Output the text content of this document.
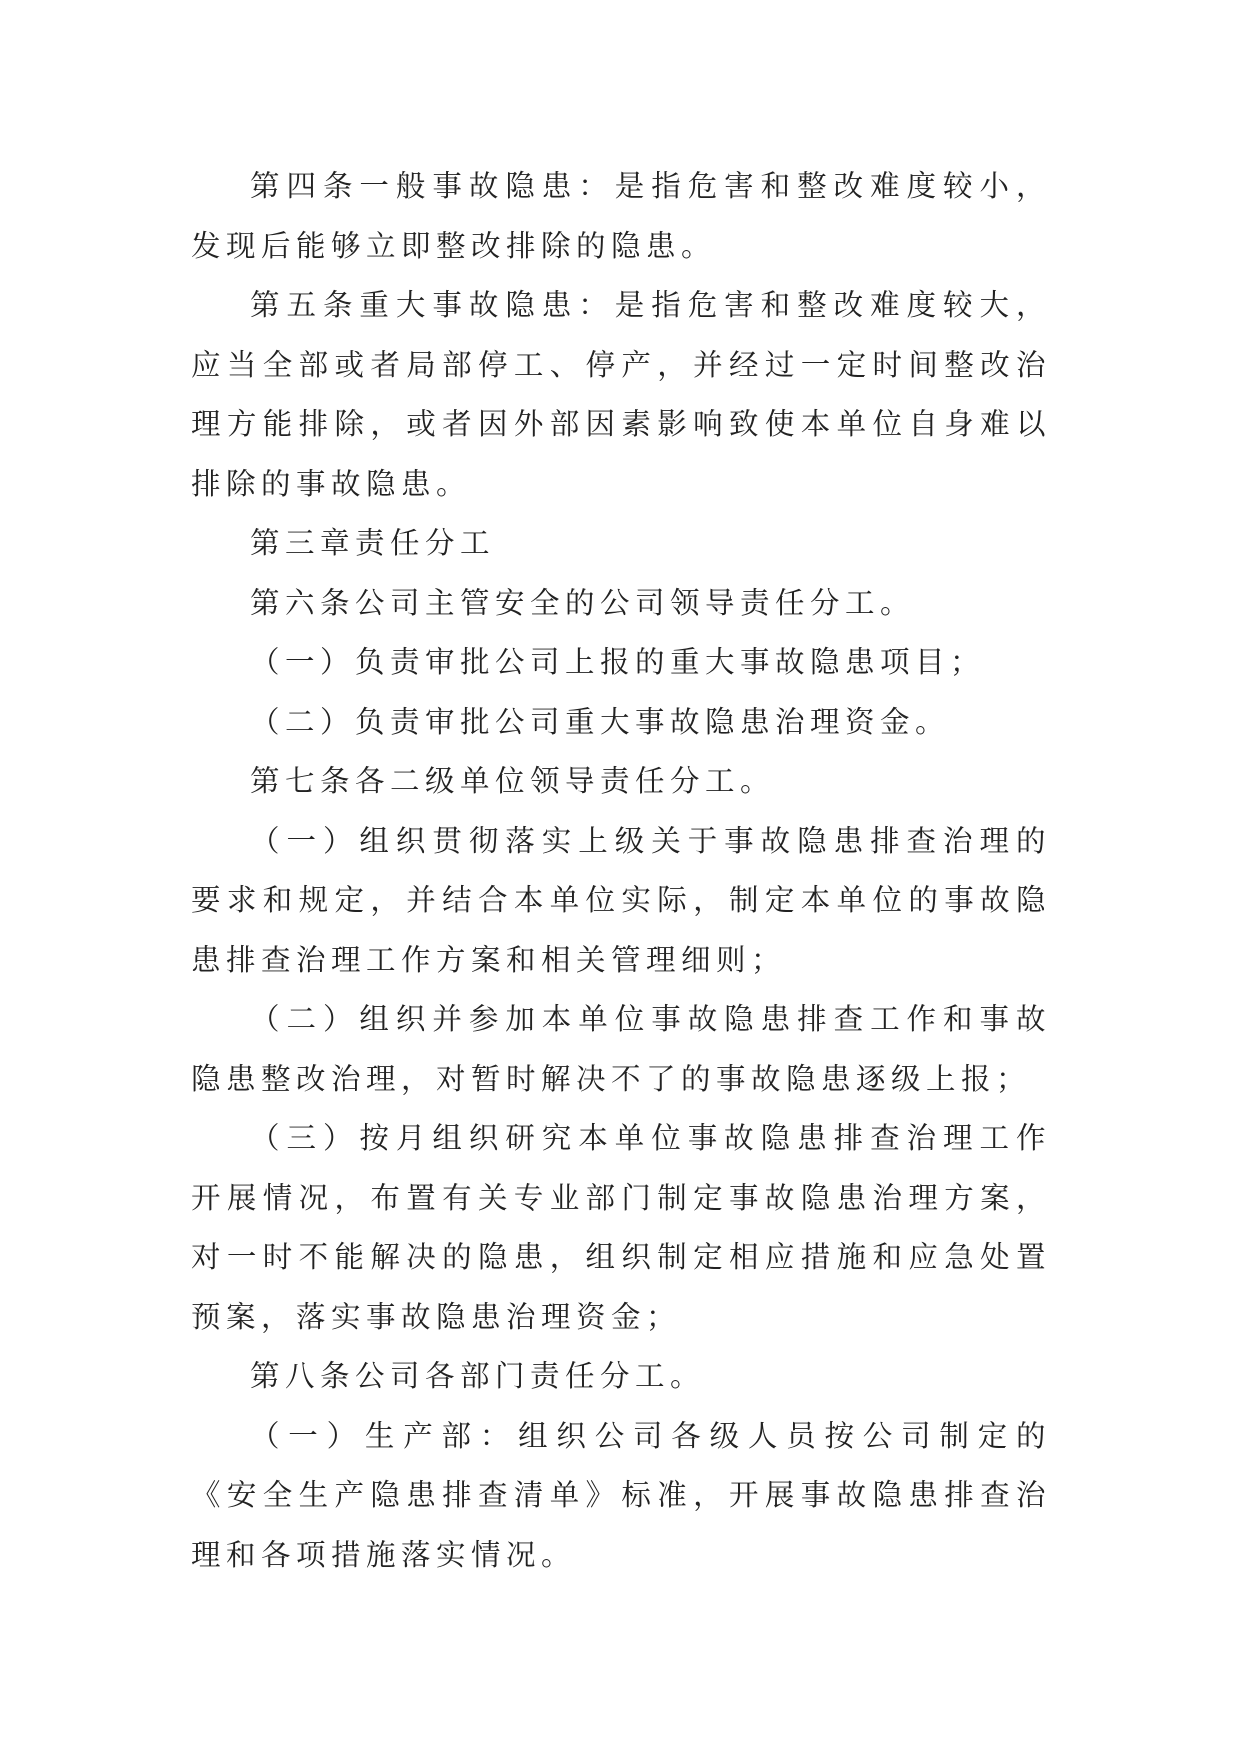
第四条一般事故隐患：是指危害和整改难度较小，发现后能够立即整改排除的隐患。

第五条重大事故隐患：是指危害和整改难度较大，应当全部或者局部停工、停产，并经过一定时间整改治理方能排除，或者因外部因素影响致使本单位自身难以排除的事故隐患。

第三章责任分工

第六条公司主管安全的公司领导责任分工。

（一）负责审批公司上报的重大事故隐患项目；

（二）负责审批公司重大事故隐患治理资金。

第七条各二级单位领导责任分工。

（一）组织贯彻落实上级关于事故隐患排查治理的要求和规定，并结合本单位实际，制定本单位的事故隐患排查治理工作方案和相关管理细则；

（二）组织并参加本单位事故隐患排查工作和事故隐患整改治理，对暂时解决不了的事故隐患逐级上报；

（三）按月组织研究本单位事故隐患排查治理工作开展情况，布置有关专业部门制定事故隐患治理方案，对一时不能解决的隐患，组织制定相应措施和应急处置预案，落实事故隐患治理资金；

第八条公司各部门责任分工。

（一）生产部：组织公司各级人员按公司制定的《安全生产隐患排查清单》标准，开展事故隐患排查治理和各项措施落实情况。
